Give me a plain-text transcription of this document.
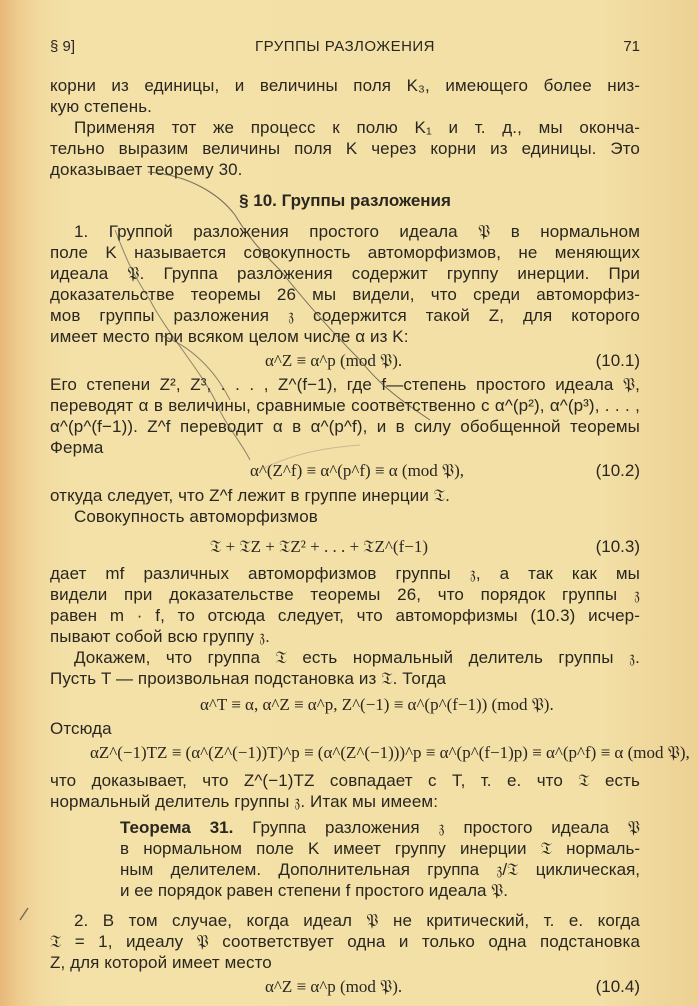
§ 9]	ГРУППЫ РАЗЛОЖЕНИЯ	71
корни из единицы, и величины поля K₃, имеющего более низ-
кую степень.
Применяя тот же процесс к полю K₁ и т. д., мы оконча-
тельно выразим величины поля K через корни из единицы. Это
доказывает теорему 30.
§ 10. Группы разложения
1. Группой разложения простого идеала 𝔓 в нормальном
поле K называется совокупность автоморфизмов, не меняющих
идеала 𝔓. Группа разложения содержит группу инерции. При
доказательстве теоремы 26 мы видели, что среди автоморфиз-
мов группы разложения 𝔷 содержится такой Z, для которого
имеет место при всяком целом числе α из K:
α^Z ≡ α^p (mod 𝔓).	(10.1)
Его степени Z², Z³, . . . , Z^(f−1), где f—степень простого идеала 𝔓,
переводят α в величины, сравнимые соответственно с α^(p²), α^(p³), . . . ,
α^(p^(f−1)). Z^f переводит α в α^(p^f), и в силу обобщенной теоремы
Ферма
α^(Z^f) ≡ α^(p^f) ≡ α (mod 𝔓),	(10.2)
откуда следует, что Z^f лежит в группе инерции 𝔗.
Совокупность автоморфизмов
𝔗 + 𝔗Z + 𝔗Z² + . . . + 𝔗Z^(f−1)	(10.3)
дает mf различных автоморфизмов группы 𝔷, а так как мы
видели при доказательстве теоремы 26, что порядок группы 𝔷
равен m · f, то отсюда следует, что автоморфизмы (10.3) исчер-
пывают собой всю группу 𝔷.
Докажем, что группа 𝔗 есть нормальный делитель группы 𝔷.
Пусть T — произвольная подстановка из 𝔗. Тогда
α^T ≡ α, α^Z ≡ α^p, Z^(−1) ≡ α^(p^(f−1)) (mod 𝔓).
Отсюда
αZ^(−1)TZ ≡ (α^(Z^(−1))T)^p ≡ (α^(Z^(−1)))^p ≡ α^(p^(f−1)p) ≡ α^(p^f) ≡ α (mod 𝔓),
что доказывает, что Z^(−1)TZ совпадает с T, т. е. что 𝔗 есть
нормальный делитель группы 𝔷. Итак мы имеем:
Теорема 31. Группа разложения 𝔷 простого идеала 𝔓
в нормальном поле K имеет группу инерции 𝔗 нормаль-
ным делителем. Дополнительная группа 𝔷/𝔗 циклическая,
и ее порядок равен степени f простого идеала 𝔓.
2. В том случае, когда идеал 𝔓 не критический, т. е. когда
𝔗 = 1, идеалу 𝔓 соответствует одна и только одна подстановка
Z, для которой имеет место
α^Z ≡ α^p (mod 𝔓).	(10.4)
